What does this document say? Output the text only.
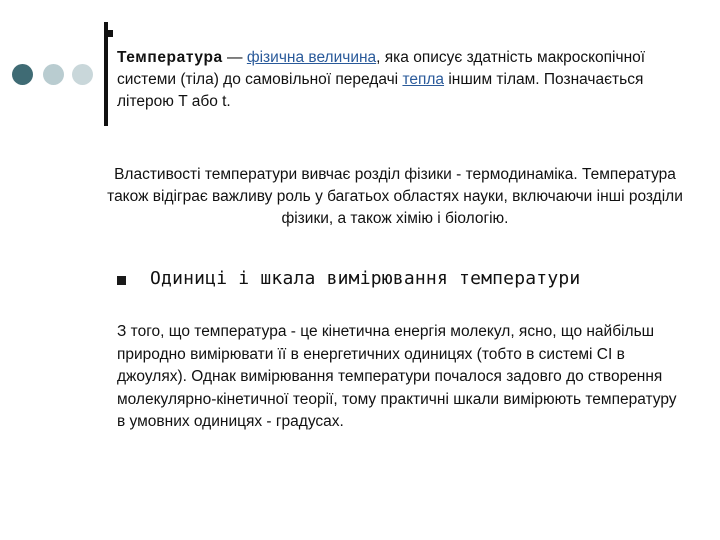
Температура — фізична величина, яка описує здатність макроскопічної системи (тіла) до самовільної передачі тепла іншим тілам. Позначається літерою T або t.

Властивості температури вивчає розділ фізики - термодинаміка. Температура також відіграє важливу роль у багатьох областях науки, включаючи інші розділи фізики, а також хімію і біологію.

Одиниці і шкала вимірювання температури

З того, що температура - це кінетична енергія молекул, ясно, що найбільш природно вимірювати її в енергетичних одиницях (тобто в системі СІ в джоулях). Однак вимірювання температури почалося задовго до створення молекулярно-кінетичної теорії, тому практичні шкали вимірюють температуру в умовних одиницях - градусах.
